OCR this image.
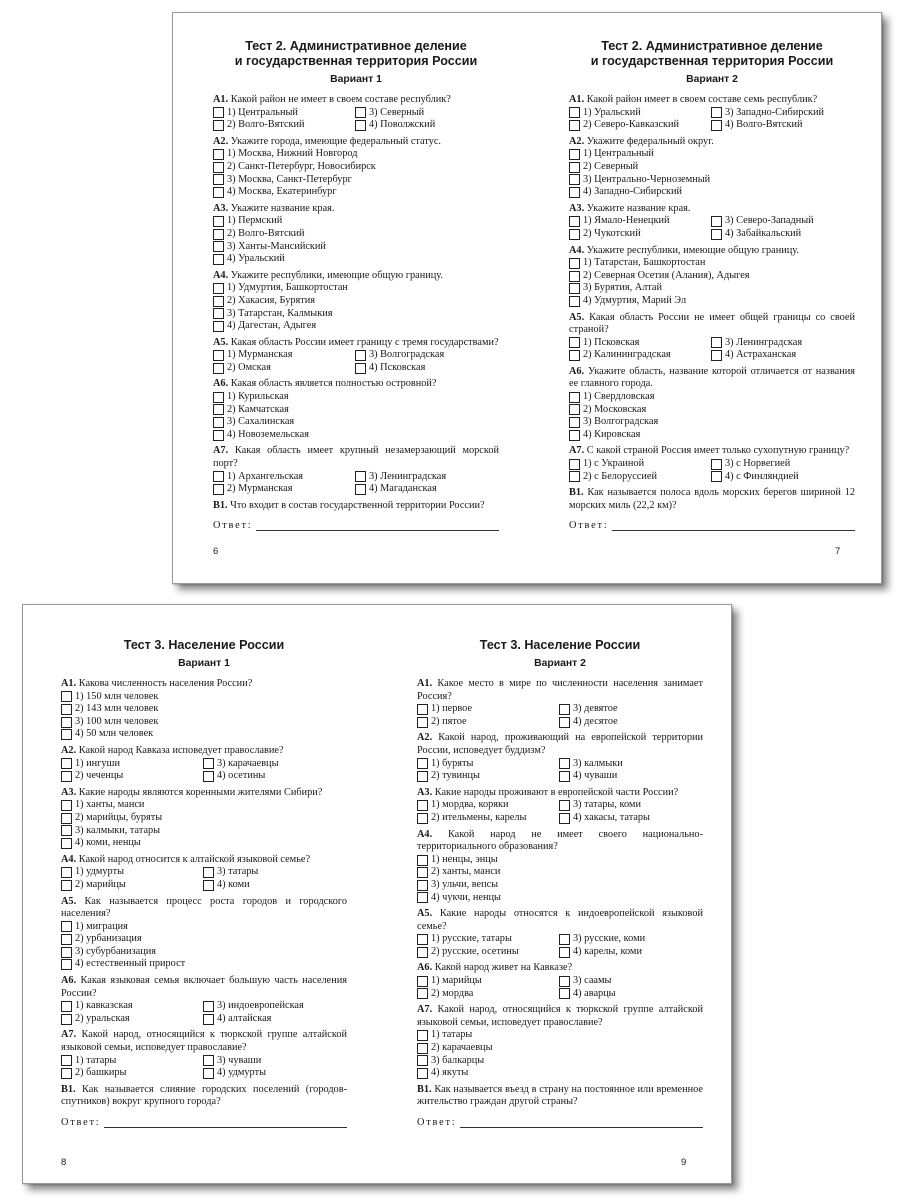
Тест 2. Административное деление
и государственная территория России
Вариант 1
A1. Какой район не имеет в своем составе республик?
1) Центральный	3) Северный
2) Волго-Вятский	4) Поволжский
A2. Укажите города, имеющие федеральный статус.
1) Москва, Нижний Новгород
2) Санкт-Петербург, Новосибирск
3) Москва, Санкт-Петербург
4) Москва, Екатеринбург
A3. Укажите название края.
1) Пермский
2) Волго-Вятский
3) Ханты-Мансийский
4) Уральский
A4. Укажите республики, имеющие общую границу.
1) Удмуртия, Башкортостан
2) Хакасия, Бурятия
3) Татарстан, Калмыкия
4) Дагестан, Адыгея
A5. Какая область России имеет границу с тремя государствами?
1) Мурманская	3) Волгоградская
2) Омская	4) Псковская
A6. Какая область является полностью островной?
1) Курильская
2) Камчатская
3) Сахалинская
4) Новоземельская
A7. Какая область имеет крупный незамерзающий морской порт?
1) Архангельская	3) Ленинградская
2) Мурманская	4) Магаданская
B1. Что входит в состав государственной территории России?
Ответ:
Тест 2. Административное деление
и государственная территория России
Вариант 2
A1. Какой район имеет в своем составе семь республик?
1) Уральский	3) Западно-Сибирский
2) Северо-Кавказский	4) Волго-Вятский
A2. Укажите федеральный округ.
1) Центральный
2) Северный
3) Центрально-Черноземный
4) Западно-Сибирский
A3. Укажите название края.
1) Ямало-Ненецкий	3) Северо-Западный
2) Чукотский	4) Забайкальский
A4. Укажите республики, имеющие общую границу.
1) Татарстан, Башкортостан
2) Северная Осетия (Алания), Адыгея
3) Бурятия, Алтай
4) Удмуртия, Марий Эл
A5. Какая область России не имеет общей границы со своей страной?
1) Псковская	3) Ленинградская
2) Калининградская	4) Астраханская
A6. Укажите область, название которой отличается от названия ее главного города.
1) Свердловская
2) Московская
3) Волгоградская
4) Кировская
A7. С какой страной Россия имеет только сухопутную границу?
1) с Украиной	3) с Норвегией
2) с Белоруссией	4) с Финляндией
B1. Как называется полоса вдоль морских берегов шириной 12 морских миль (22,2 км)?
Ответ:
6	7
Тест 3. Население России
Вариант 1
A1. Какова численность населения России?
1) 150 млн человек
2) 143 млн человек
3) 100 млн человек
4) 50 млн человек
A2. Какой народ Кавказа исповедует православие?
1) ингуши	3) карачаевцы
2) чеченцы	4) осетины
A3. Какие народы являются коренными жителями Сибири?
1) ханты, манси
2) марийцы, буряты
3) калмыки, татары
4) коми, ненцы
A4. Какой народ относится к алтайской языковой семье?
1) удмурты	3) татары
2) марийцы	4) коми
A5. Как называется процесс роста городов и городского населения?
1) миграция
2) урбанизация
3) субурбанизация
4) естественный прирост
A6. Какая языковая семья включает большую часть населения России?
1) кавказская	3) индоевропейская
2) уральская	4) алтайская
A7. Какой народ, относящийся к тюркской группе алтайской языковой семьи, исповедует православие?
1) татары	3) чуваши
2) башкиры	4) удмурты
B1. Как называется слияние городских поселений (городов-спутников) вокруг крупного города?
Ответ:
Тест 3. Население России
Вариант 2
A1. Какое место в мире по численности населения занимает Россия?
1) первое	3) девятое
2) пятое	4) десятое
A2. Какой народ, проживающий на европейской территории России, исповедует буддизм?
1) буряты	3) калмыки
2) тувинцы	4) чуваши
A3. Какие народы проживают в европейской части России?
1) мордва, коряки	3) татары, коми
2) ительмены, карелы	4) хакасы, татары
A4. Какой народ не имеет своего национально-территориального образования?
1) ненцы, энцы
2) ханты, манси
3) ульчи, вепсы
4) чукчи, ненцы
A5. Какие народы относятся к индоевропейской языковой семье?
1) русские, татары	3) русские, коми
2) русские, осетины	4) карелы, коми
A6. Какой народ живет на Кавказе?
1) марийцы	3) саамы
2) мордва	4) аварцы
A7. Какой народ, относящийся к тюркской группе алтайской языковой семьи, исповедует православие?
1) татары
2) карачаевцы
3) балкарцы
4) якуты
B1. Как называется въезд в страну на постоянное или временное жительство граждан другой страны?
Ответ:
8	9
